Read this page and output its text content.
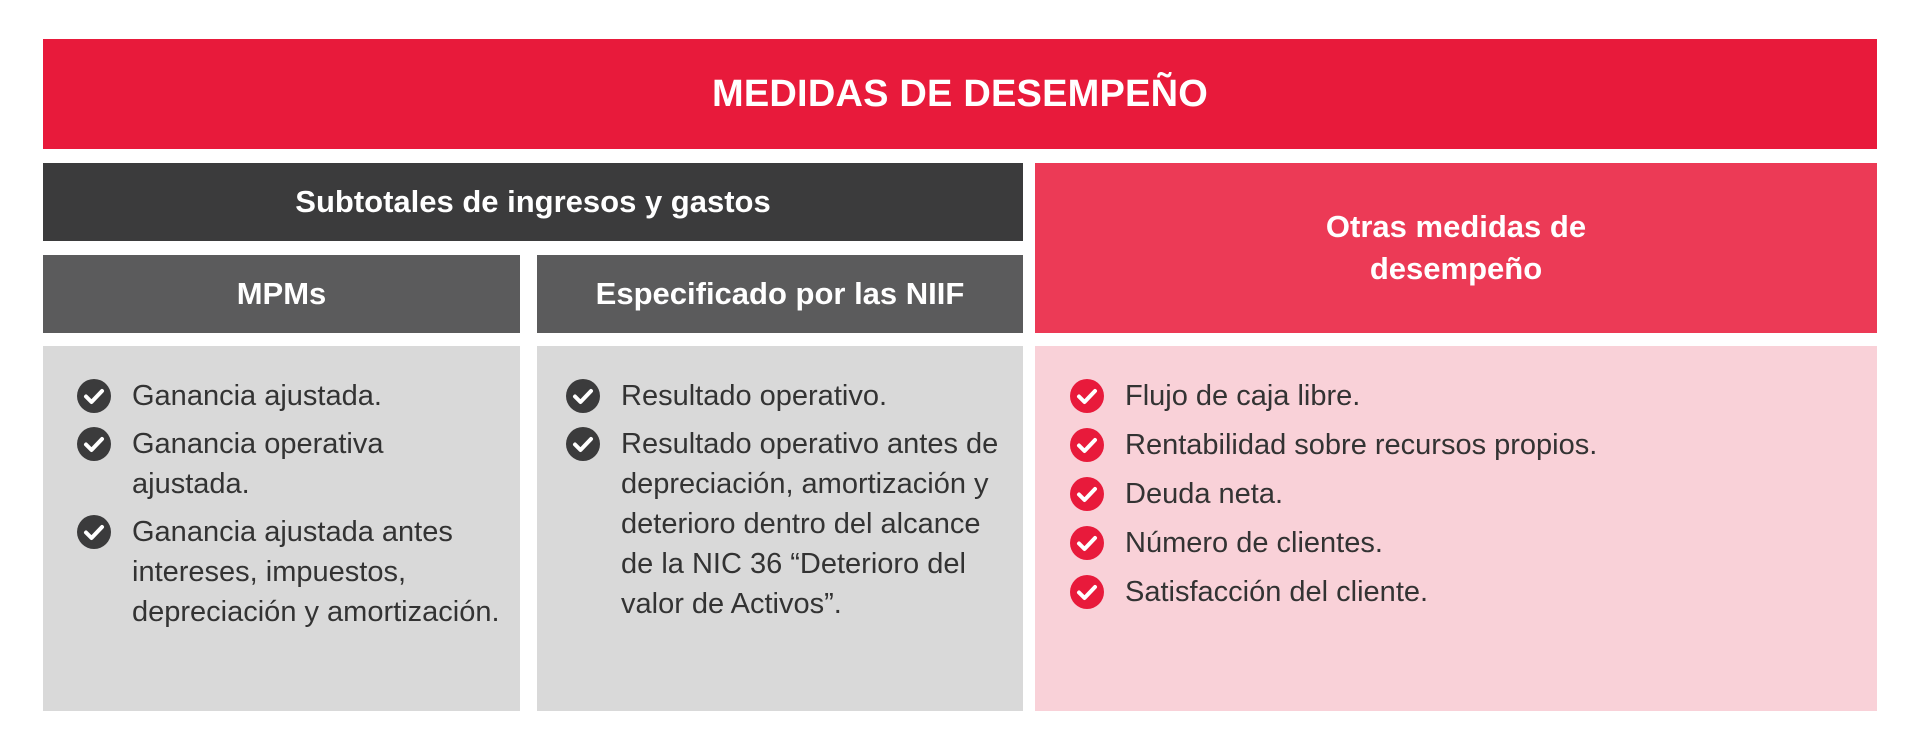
MEDIDAS DE DESEMPEÑO
Subtotales de ingresos y gastos
MPMs	Especificado por las NIIF
Otras medidas de
desempeño
Ganancia ajustada.
Ganancia operativa ajustada.
Ganancia ajustada antes intereses, impuestos, depreciación y amortización.
Resultado operativo.
Resultado operativo antes de depreciación, amortización y deterioro dentro del alcance de la NIC 36 “Deterioro del valor de Activos”.
Flujo de caja libre.
Rentabilidad sobre recursos propios.
Deuda neta.
Número de clientes.
Satisfacción del cliente.
